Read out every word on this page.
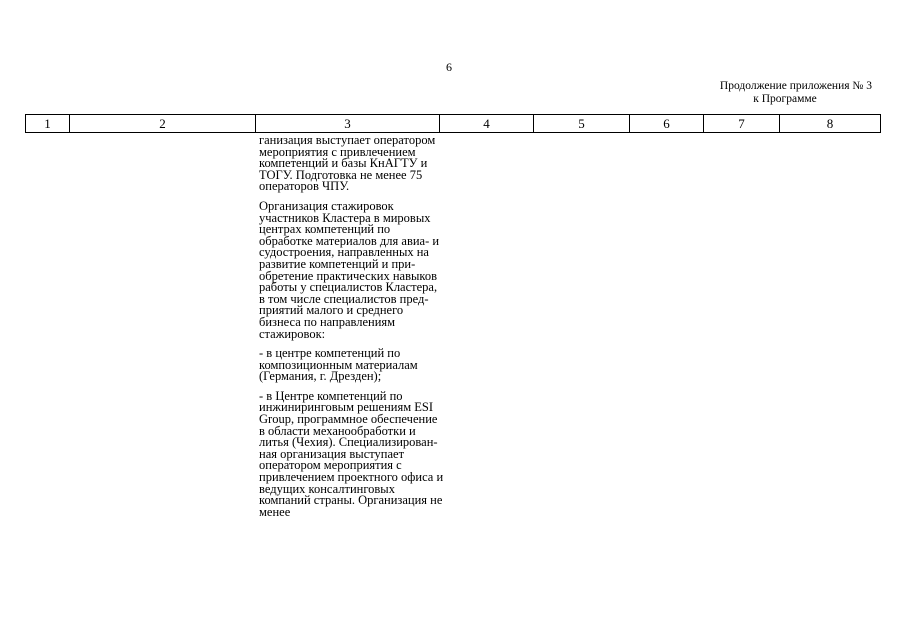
6
Продолжение приложения № 3
к Программе
1	2	3	4	5	6	7	8

ганизация выступает оператором мероприятия с привлечением компетенций и базы КнАГТУ и ТОГУ. Подготовка не менее 75 операторов ЧПУ.

Организация стажировок участников Кластера в мировых центрах компетенций по обработке материалов для авиа- и судостроения, направленных на развитие компетенций и приобретение практических навыков работы у специалистов Кластера, в том числе специалистов предприятий малого и среднего бизнеса по направлениям стажировок:

- в центре компетенций по композиционным материалам (Германия, г. Дрезден);

- в Центре компетенций по инжиниринговым решениям ESI Group, программное обеспечение в области механообработки и литья (Чехия). Специализированная организация выступает оператором мероприятия с привлечением проектного офиса и ведущих консалтинговых компаний страны. Организация не менее
